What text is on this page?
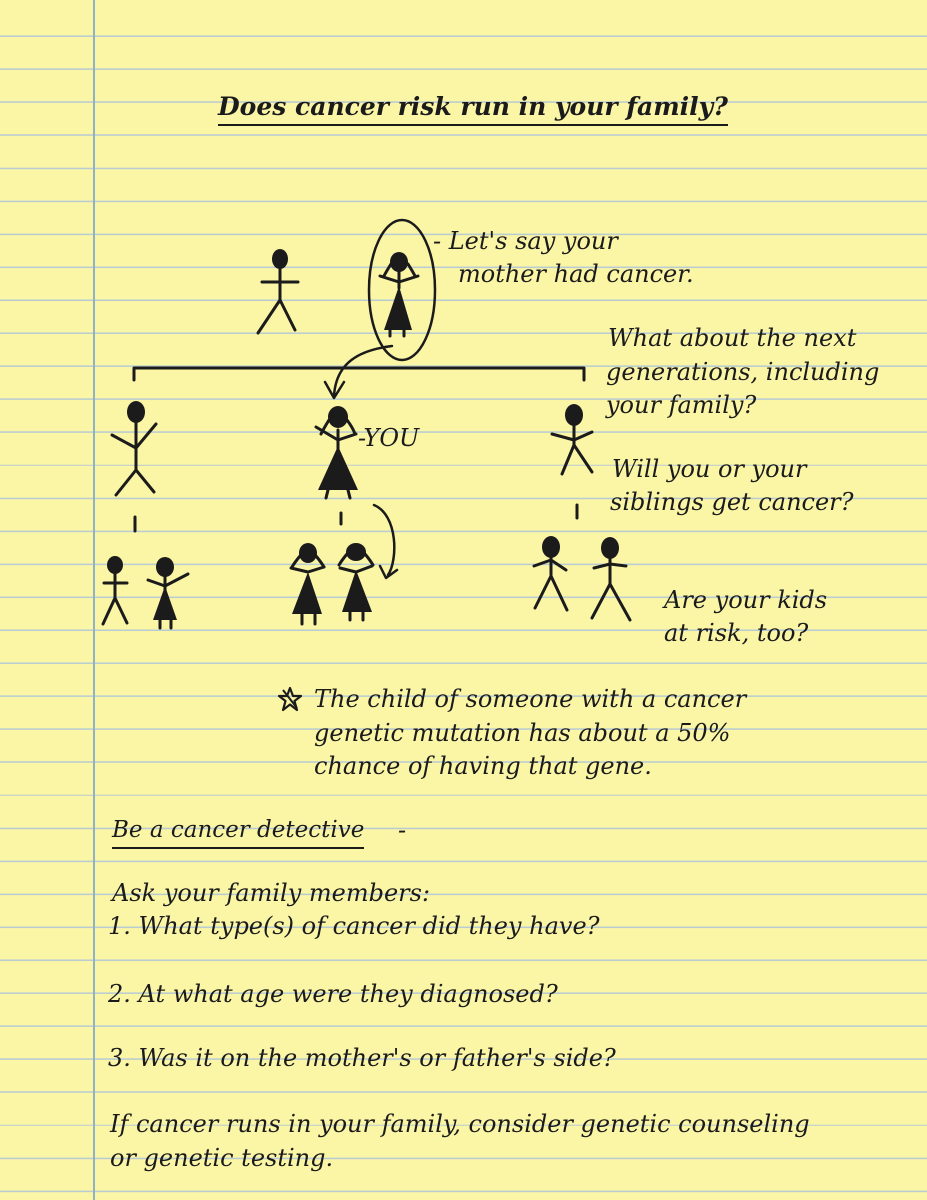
Does cancer risk run in your family?
- Let's say your
mother had cancer.
-YOU
What about the next
generations, including
your family?
Will you or your
siblings get cancer?
Are your kids
at risk, too?
The child of someone with a cancer
genetic mutation has about a 50%
chance of having that gene.
Be a cancer detective -
Ask your family members:
1. What type(s) of cancer did they have?
2. At what age were they diagnosed?
3. Was it on the mother's or father's side?
If cancer runs in your family, consider genetic counseling
or genetic testing.
